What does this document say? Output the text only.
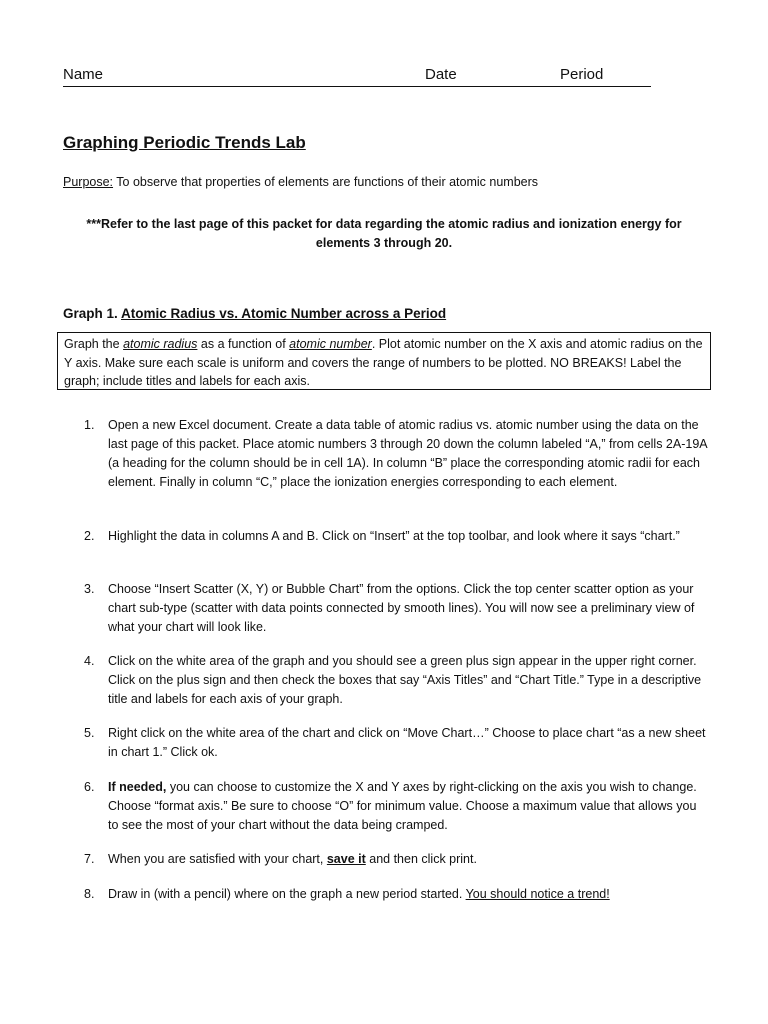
Name	Date	Period
Graphing Periodic Trends Lab
Purpose: To observe that properties of elements are functions of their atomic numbers
***Refer to the last page of this packet for data regarding the atomic radius and ionization energy for elements 3 through 20.
Graph 1. Atomic Radius vs. Atomic Number across a Period
Graph the atomic radius as a function of atomic number. Plot atomic number on the X axis and atomic radius on the Y axis. Make sure each scale is uniform and covers the range of numbers to be plotted. NO BREAKS! Label the graph; include titles and labels for each axis.
1.	Open a new Excel document. Create a data table of atomic radius vs. atomic number using the data on the last page of this packet. Place atomic numbers 3 through 20 down the column labeled “A,” from cells 2A-19A (a heading for the column should be in cell 1A). In column “B” place the corresponding atomic radii for each element. Finally in column “C,” place the ionization energies corresponding to each element.
2.	Highlight the data in columns A and B. Click on “Insert” at the top toolbar, and look where it says “chart.”
3.	Choose “Insert Scatter (X, Y) or Bubble Chart” from the options. Click the top center scatter option as your chart sub-type (scatter with data points connected by smooth lines). You will now see a preliminary view of what your chart will look like.
4.	Click on the white area of the graph and you should see a green plus sign appear in the upper right corner. Click on the plus sign and then check the boxes that say “Axis Titles” and “Chart Title.” Type in a descriptive title and labels for each axis of your graph.
5.	Right click on the white area of the chart and click on “Move Chart…” Choose to place chart “as a new sheet in chart 1.” Click ok.
6.	If needed, you can choose to customize the X and Y axes by right-clicking on the axis you wish to change. Choose “format axis.” Be sure to choose “O” for minimum value. Choose a maximum value that allows you to see the most of your chart without the data being cramped.
7.	When you are satisfied with your chart, save it and then click print.
8.	Draw in (with a pencil) where on the graph a new period started. You should notice a trend!
